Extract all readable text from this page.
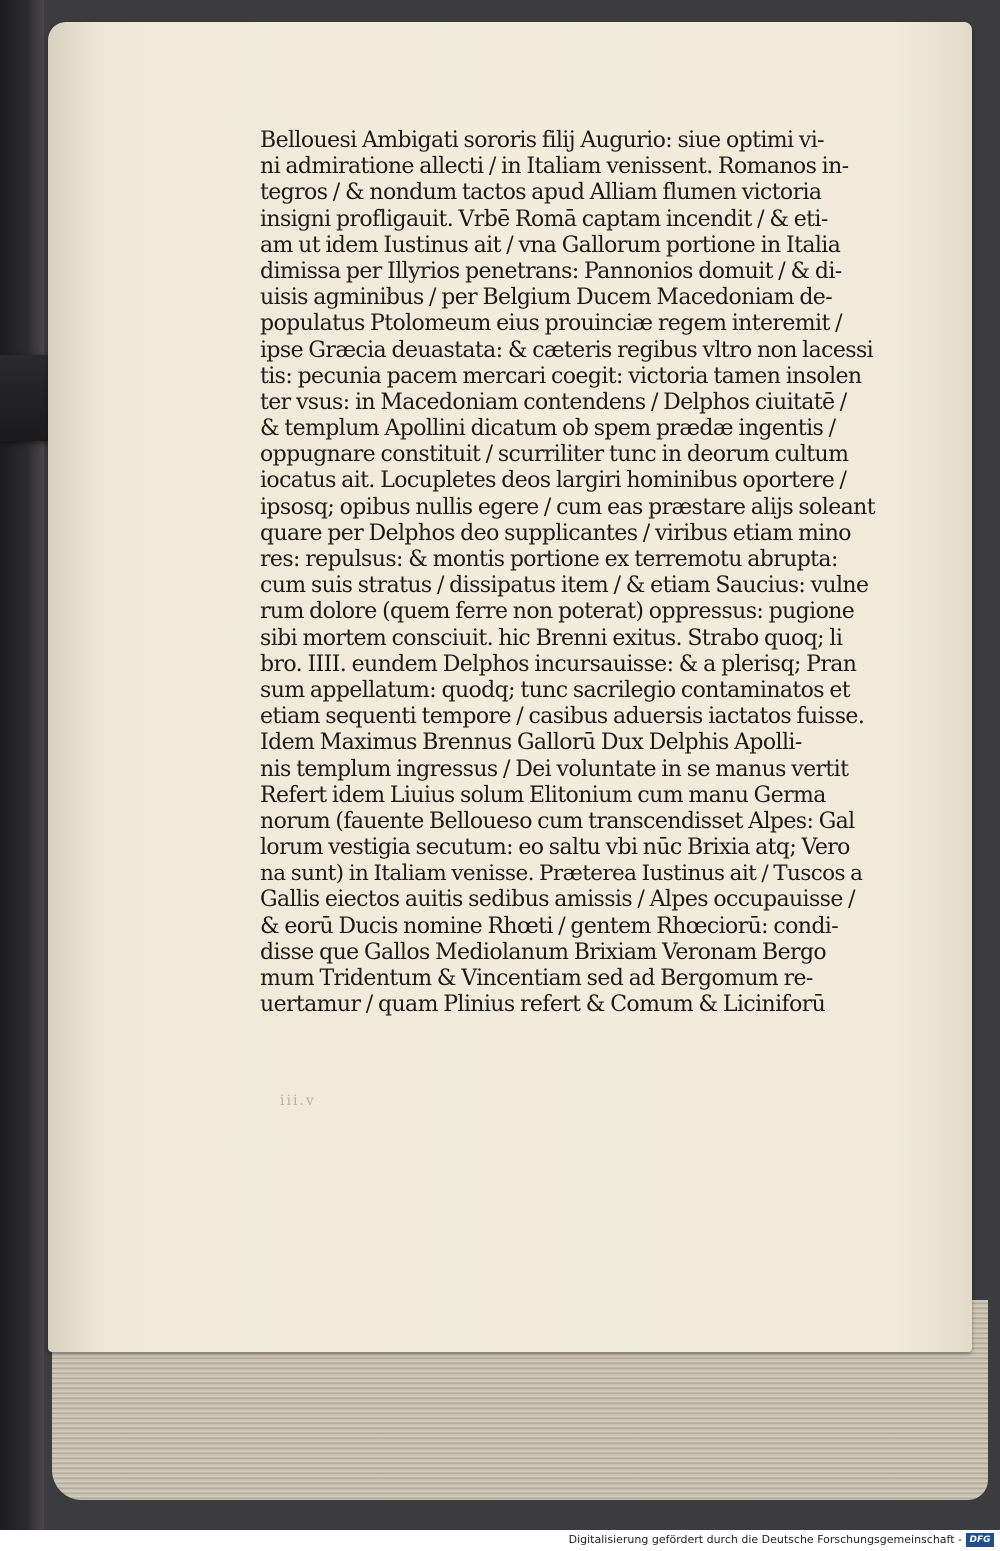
Bellouesi Ambigati sororis filij Augurio: siue optimi vi‑
ni admiratione allecti / in Italiam venissent. Romanos in‑
tegros / & nondum tactos apud Alliam flumen victoria
insigni profligauit. Vrbē Romā captam incendit / & eti‑
am ut idem Iustinus ait / vna Gallorum portione in Italia
dimissa per Illyrios penetrans: Pannonios domuit / & di‑
uisis agminibus / per Belgium Ducem Macedoniam de‑
populatus Ptolomeum eius prouinciæ regem interemit /
ipse Græcia deuastata: & cæteris regibus vltro non lacessi
tis: pecunia pacem mercari coegit: victoria tamen insolen
ter vsus: in Macedoniam contendens / Delphos ciuitatē /
& templum Apollini dicatum ob spem prædæ ingentis /
oppugnare constituit / scurriliter tunc in deorum cultum
iocatus ait. Locupletes deos largiri hominibus oportere /
ipsosq; opibus nullis egere / cum eas præstare alijs soleant
quare per Delphos deo supplicantes / viribus etiam mino
res: repulsus: & montis portione ex terremotu abrupta:
cum suis stratus / dissipatus item / & etiam Saucius: vulne
rum dolore (quem ferre non poterat) oppressus: pugione
sibi mortem consciuit. hic Brenni exitus. Strabo quoq; li
bro. IIII. eundem Delphos incursauisse: & a plerisq; Pran
sum appellatum: quodq; tunc sacrilegio contaminatos et
etiam sequenti tempore / casibus aduersis iactatos fuisse.
Idem Maximus Brennus Gallorū Dux Delphis Apolli‑
nis templum ingressus / Dei voluntate in se manus vertit
Refert idem Liuius solum Elitonium cum manu Germa
norum (fauente Bellouesο cum transcendisset Alpes: Gal
lorum vestigia secutum: eo saltu vbi nūc Brixia atq; Vero
na sunt) in Italiam venisse. Præterea Iustinus ait / Tuscos a
Gallis eiectos auitis sedibus amissis / Alpes occupauisse /
& eorū Ducis nomine Rhœti / gentem Rhœciorū: condi‑
disse que Gallos Mediolanum Brixiam Veronam Bergo
mum Tridentum & Vincentiam sed ad Bergomum re‑
uertamur / quam Plinius refert & Comum & Liciniforū
iii.v
Digitalisierung gefördert durch die Deutsche Forschungsgemeinschaft - DFG
